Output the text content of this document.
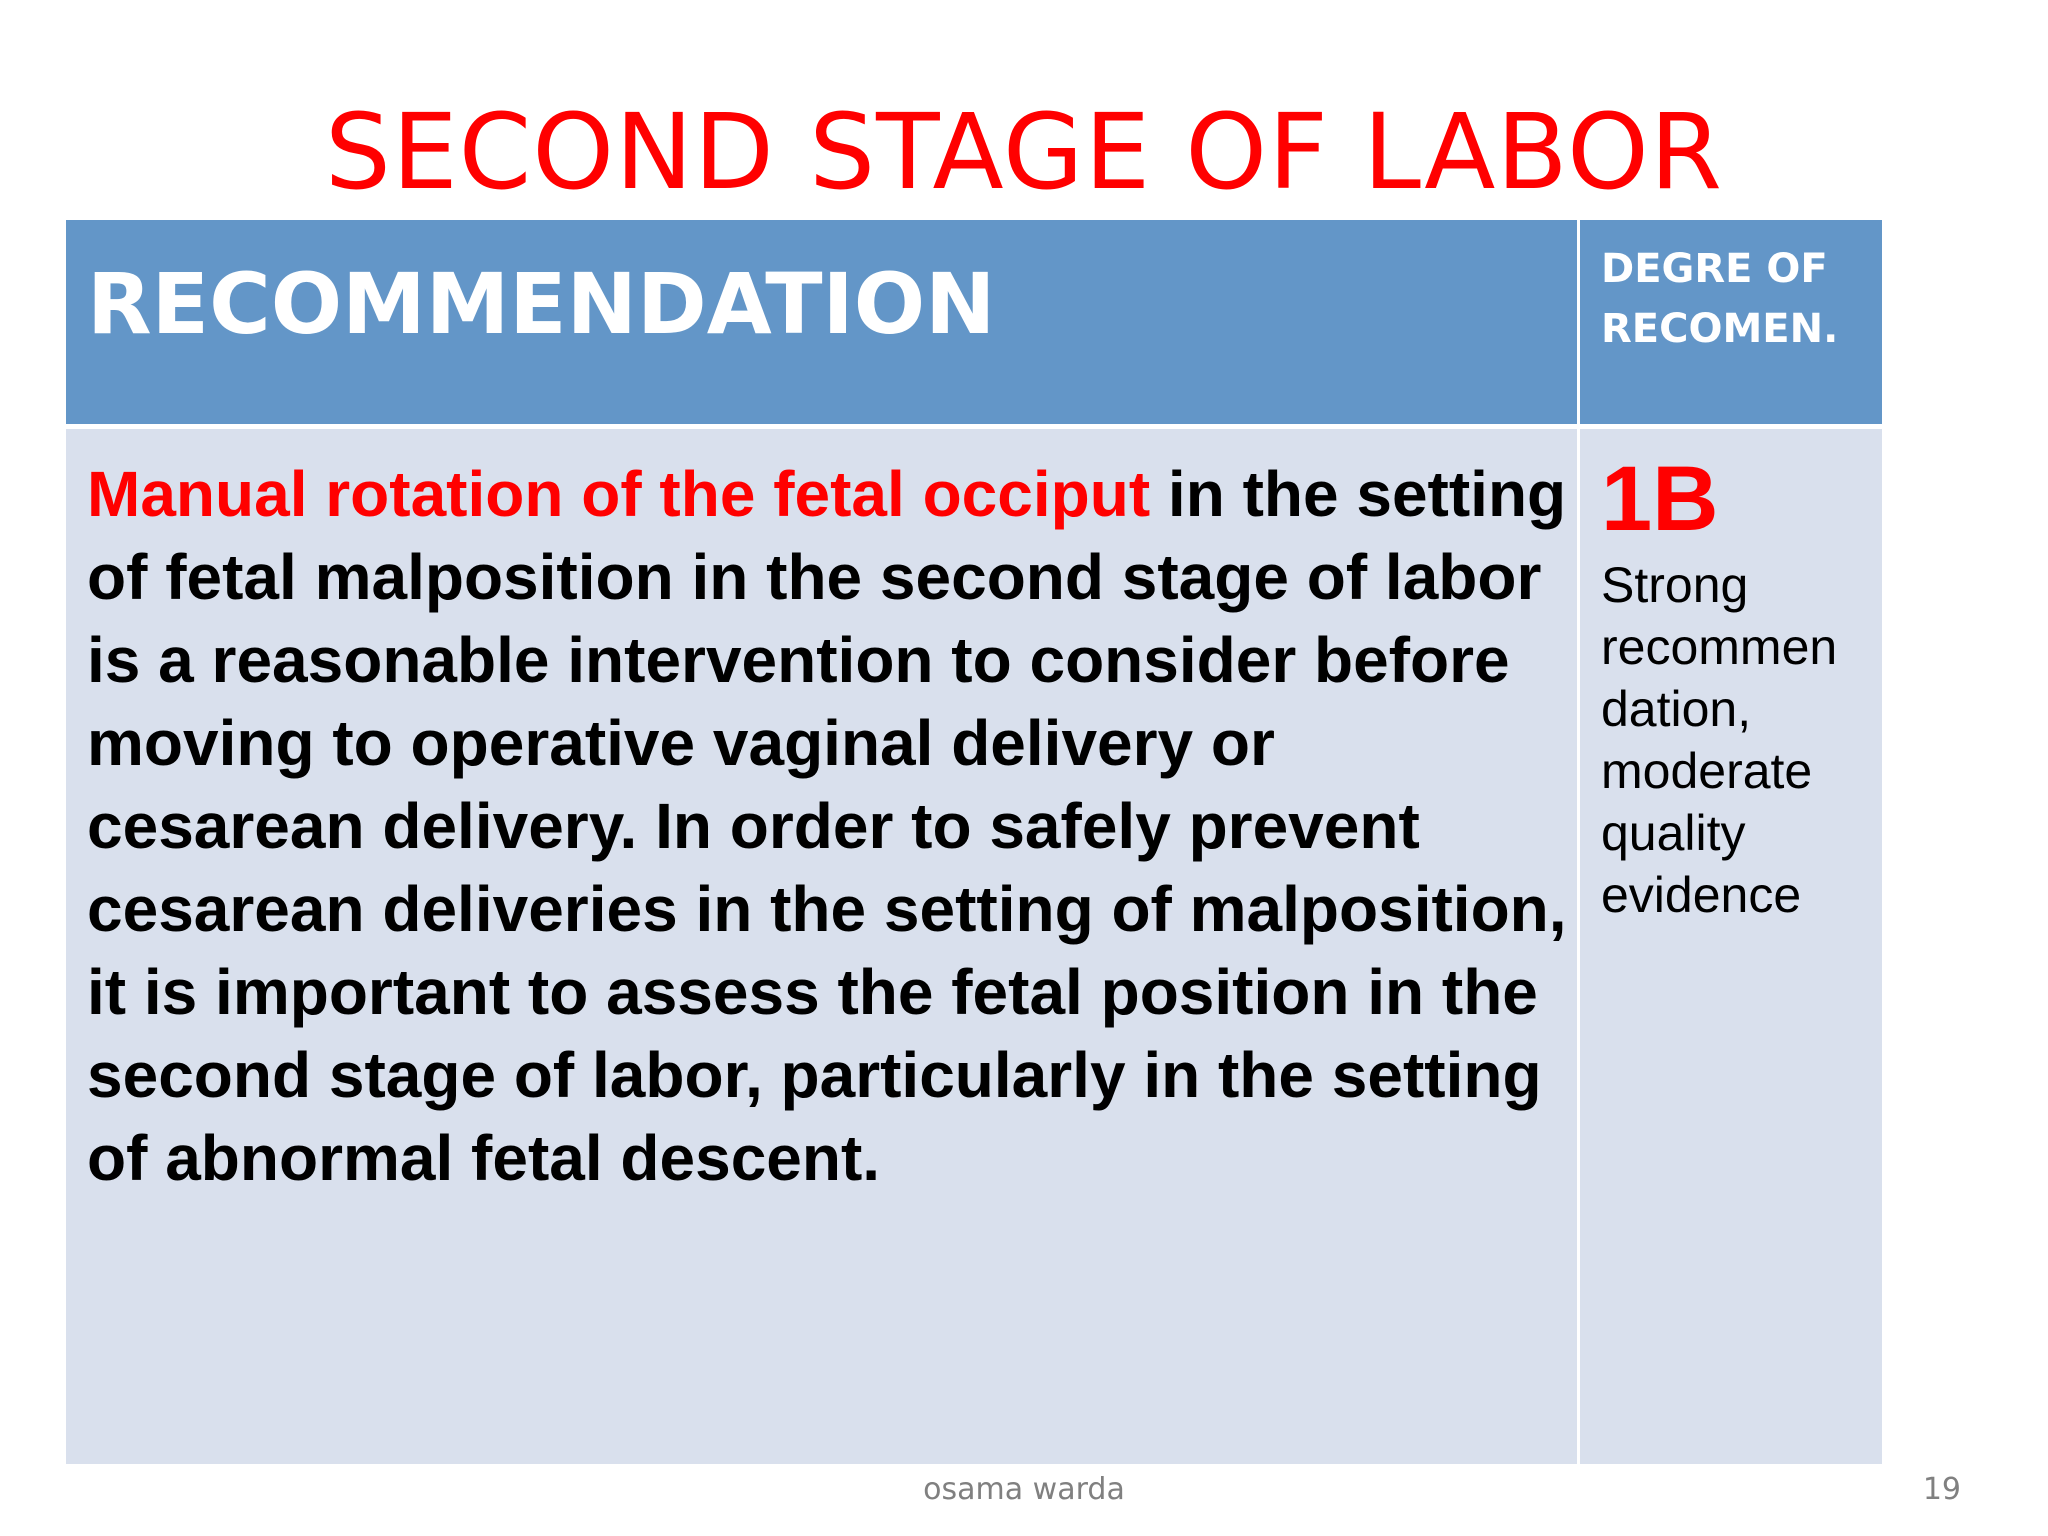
SECOND STAGE OF LABOR
RECOMMENDATION	DEGRE OF RECOMEN.

Manual rotation of the fetal occiput in the setting of fetal malposition in the second stage of labor is a reasonable intervention to consider before moving to operative vaginal delivery or cesarean delivery. In order to safely prevent cesarean deliveries in the setting of malposition, it is important to assess the fetal position in the second stage of labor, particularly in the setting of abnormal fetal descent.

1B

Strong recommen dation, moderate quality evidence

osama warda	19
